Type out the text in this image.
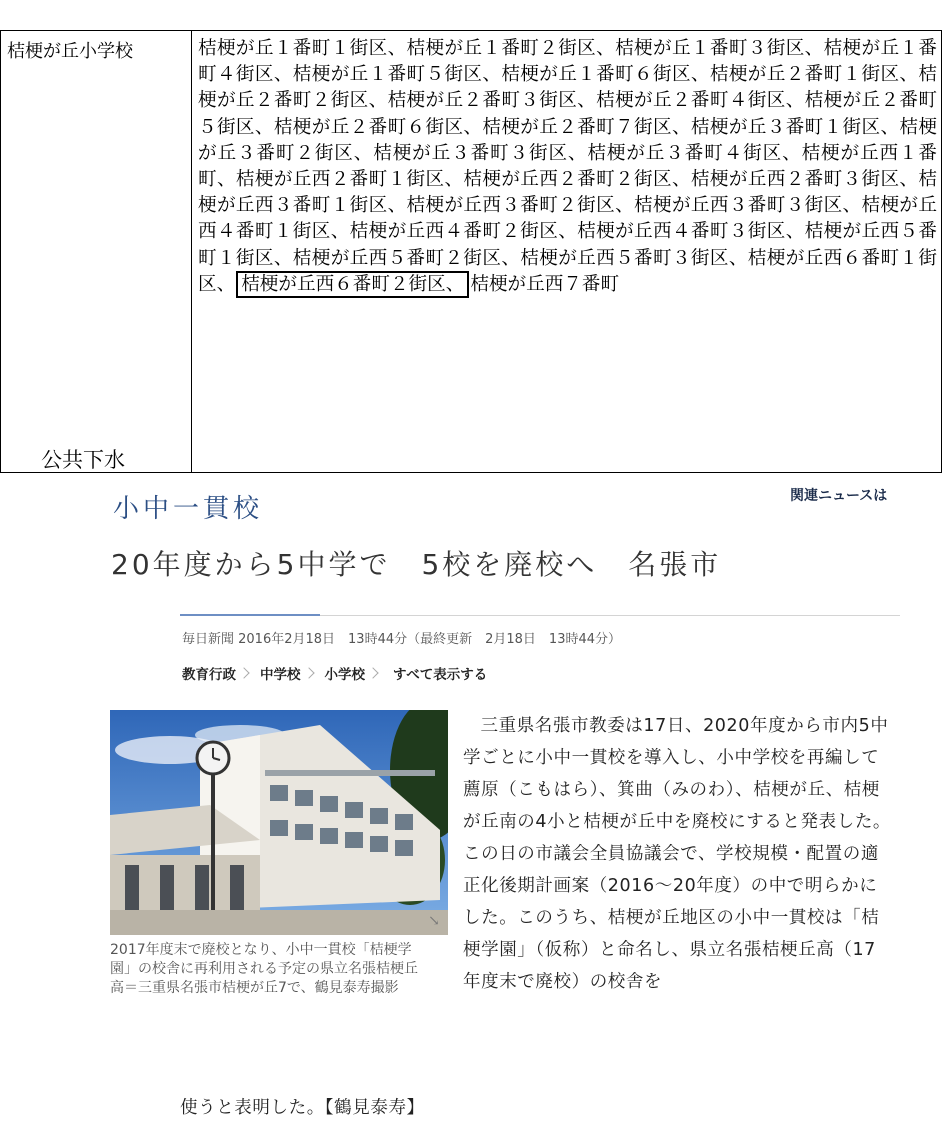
桔梗が丘小学校
公共下水
	桔梗が丘１番町１街区、桔梗が丘１番町２街区、桔梗が丘１番町３街区、桔梗が丘１番町４街区、桔梗が丘１番町５街区、桔梗が丘１番町６街区、桔梗が丘２番町１街区、桔梗が丘２番町２街区、桔梗が丘２番町３街区、桔梗が丘２番町４街区、桔梗が丘２番町５街区、桔梗が丘２番町６街区、桔梗が丘２番町７街区、桔梗が丘３番町１街区、桔梗が丘３番町２街区、桔梗が丘３番町３街区、桔梗が丘３番町４街区、桔梗が丘西１番町、桔梗が丘西２番町１街区、桔梗が丘西２番町２街区、桔梗が丘西２番町３街区、桔梗が丘西３番町１街区、桔梗が丘西３番町２街区、桔梗が丘西３番町３街区、桔梗が丘西４番町１街区、桔梗が丘西４番町２街区、桔梗が丘西４番町３街区、桔梗が丘西５番町１街区、桔梗が丘西５番町２街区、桔梗が丘西５番町３街区、桔梗が丘西６番町１街区、 桔梗が丘西６番町２街区、 桔梗が丘西７番町
小中一貫校	関連ニュースは
20年度から5中学で　5校を廃校へ　名張市
毎日新聞 2016年2月18日　13時44分（最終更新　2月18日　13時44分）
教育行政 中学校 小学校 すべて表示する
↘
2017年度末で廃校となり、小中一貫校「桔梗学園」の校舎に再利用される予定の県立名張桔梗丘高＝三重県名張市桔梗が丘7で、鶴見泰寿撮影

三重県名張市教委は17日、2020年度から市内5中学ごとに小中一貫校を導入し、小中学校を再編して薦原（こもはら）、箕曲（みのわ）、桔梗が丘、桔梗が丘南の4小と桔梗が丘中を廃校にすると発表した。この日の市議会全員協議会で、学校規模・配置の適正化後期計画案（2016～20年度）の中で明らかにした。このうち、桔梗が丘地区の小中一貫校は「桔梗学園」（仮称）と命名し、県立名張桔梗丘高（17年度末で廃校）の校舎を

使うと表明した。【鶴見泰寿】
